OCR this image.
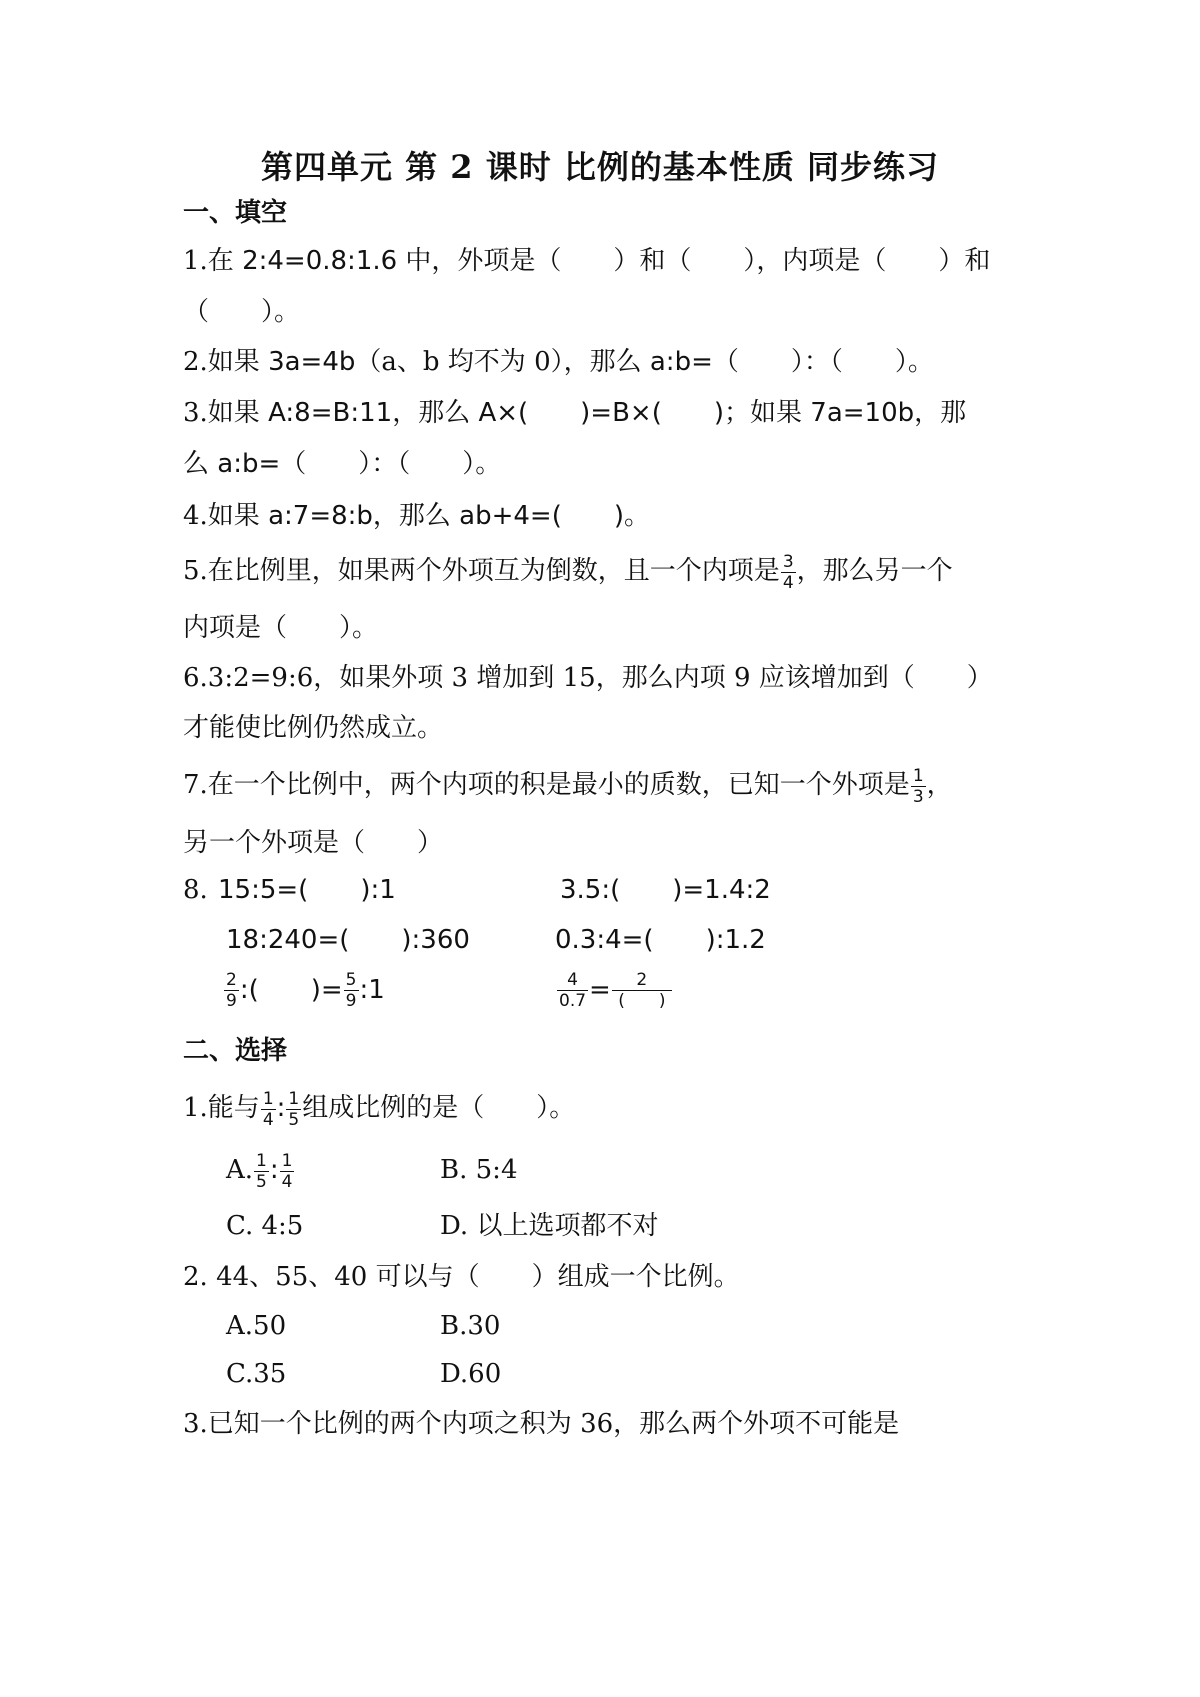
第四单元 第 2 课时 比例的基本性质 同步练习
一、填空
1.在 2:4=0.8:1.6 中，外项是（　　）和（　　），内项是（　　）和
（　　）。
2.如果 3a=4b（a、b 均不为 0），那么 a:b=（　　）：（　　）。
3.如果 A:8=B:11，那么 A×(　　)=B×(　　)；如果 7a=10b，那
么 a:b=（　　）：（　　）。
4.如果 a:7=8:b，那么 ab+4=(　　)。
5.在比例里，如果两个外项互为倒数，且一个内项是 $\frac{3}{4}$ ，那么另一个
内项是（　　）。
6.3:2=9:6，如果外项 3 增加到 15，那么内项 9 应该增加到（　　）
才能使比例仍然成立。
7.在一个比例中，两个内项的积是最小的质数，已知一个外项是 $\frac{1}{3}$ ，
另一个外项是（　　）
8. 15:5=(　　):1	3.5:(　　)=1.4:2
18:240=(　　):360	0.3:4=(　　):1.2
$\frac{2}{9}$ :(　　)= $\frac{5}{9}$ :1	$\frac{4}{0.7} = \frac{2}{( )}$
二、选择
1.能与 $\frac{1}{4}$ : $\frac{1}{5}$ 组成比例的是（　　）。
A. $\frac{1}{5}$ : $\frac{1}{4}$	B. 5:4
C. 4:5	D. 以上选项都不对
2. 44、55、40 可以与（　　）组成一个比例。
A.50	B.30
C.35	D.60
3.已知一个比例的两个内项之积为 36，那么两个外项不可能是
